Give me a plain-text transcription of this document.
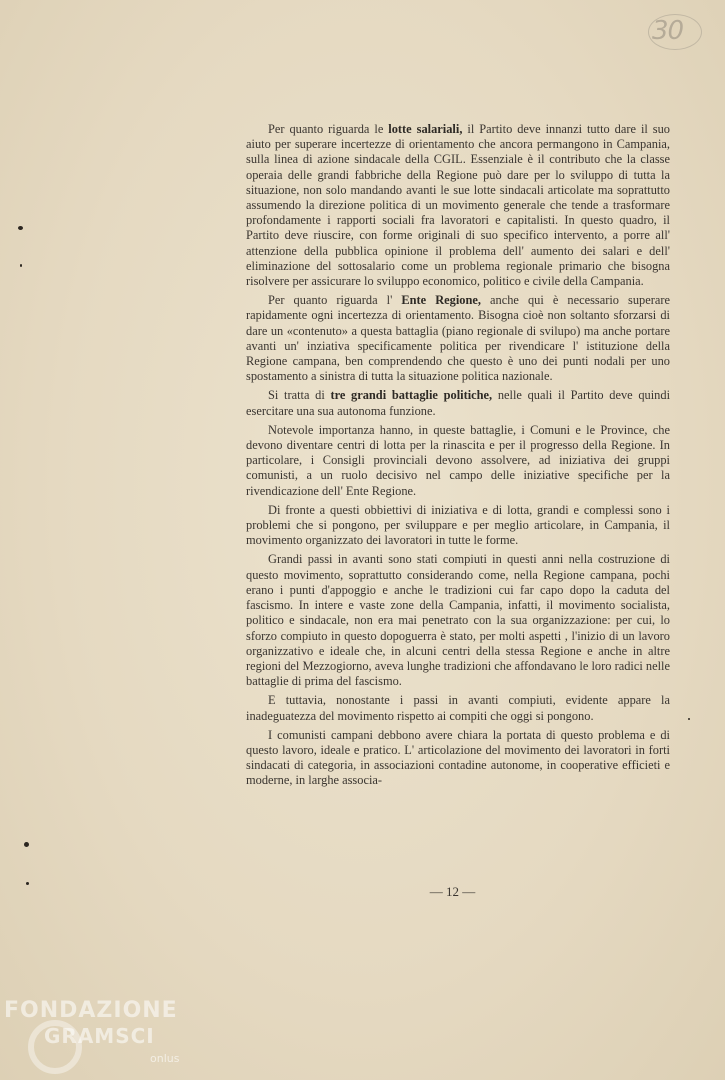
30

Per quanto riguarda le lotte salariali, il Partito deve innanzi tutto dare il suo aiuto per superare incertezze di orientamento che ancora permangono in Campania, sulla linea di azione sindacale della CGIL. Essenziale è il contributo che la classe operaia delle grandi fabbriche della Regione può dare per lo sviluppo di tutta la situazione, non solo mandando avanti le sue lotte sindacali articolate ma soprattutto assumendo la direzione politica di un movimento generale che tende a trasformare profondamente i rapporti sociali fra lavoratori e capitalisti. In questo quadro, il Partito deve riuscire, con forme originali di suo specifico intervento, a porre all' attenzione della pubblica opinione il problema dell' aumento dei salari e dell' eliminazione del sottosalario come un problema regionale primario che bisogna risolvere per assicurare lo sviluppo economico, politico e civile della Campania.

Per quanto riguarda l' Ente Regione, anche qui è necessario superare rapidamente ogni incertezza di orientamento. Bisogna cioè non soltanto sforzarsi di dare un «contenuto» a questa battaglia (piano regionale di svilupo) ma anche portare avanti un' inziativa specificamente politica per rivendicare l' istituzione della Regione campana, ben comprendendo che questo è uno dei punti nodali per uno spostamento a sinistra di tutta la situazione politica nazionale.

Si tratta di tre grandi battaglie politiche, nelle quali il Partito deve quindi esercitare una sua autonoma funzione.

Notevole importanza hanno, in queste battaglie, i Comuni e le Province, che devono diventare centri di lotta per la rinascita e per il progresso della Regione. In particolare, i Consigli provinciali devono assolvere, ad iniziativa dei gruppi comunisti, a un ruolo decisivo nel campo delle iniziative specifiche per la rivendicazione dell' Ente Regione.

Di fronte a questi obbiettivi di iniziativa e di lotta, grandi e complessi sono i problemi che si pongono, per sviluppare e per meglio articolare, in Campania, il movimento organizzato dei lavoratori in tutte le forme.

Grandi passi in avanti sono stati compiuti in questi anni nella costruzione di questo movimento, soprattutto considerando come, nella Regione campana, pochi erano i punti d'appoggio e anche le tradizioni cui far capo dopo la caduta del fascismo. In intere e vaste zone della Campania, infatti, il movimento socialista, politico e sindacale, non era mai penetrato con la sua organizzazione: per cui, lo sforzo compiuto in questo dopoguerra è stato, per molti aspetti , l'inizio di un lavoro organizzativo e ideale che, in alcuni centri della stessa Regione e anche in altre regioni del Mezzogiorno, aveva lunghe tradizioni che affondavano le loro radici nelle battaglie di prima del fascismo.

E tuttavia, nonostante i passi in avanti compiuti, evidente appare la inadeguatezza del movimento rispetto ai compiti che oggi si pongono.

I comunisti campani debbono avere chiara la portata di questo problema e di questo lavoro, ideale e pratico. L' articolazione del movimento dei lavoratori in forti sindacati di categoria, in associazioni contadine autonome, in cooperative efficieti e moderne, in larghe associa-

— 12 —
FONDAZIONE
GRAMSCI
onlus
